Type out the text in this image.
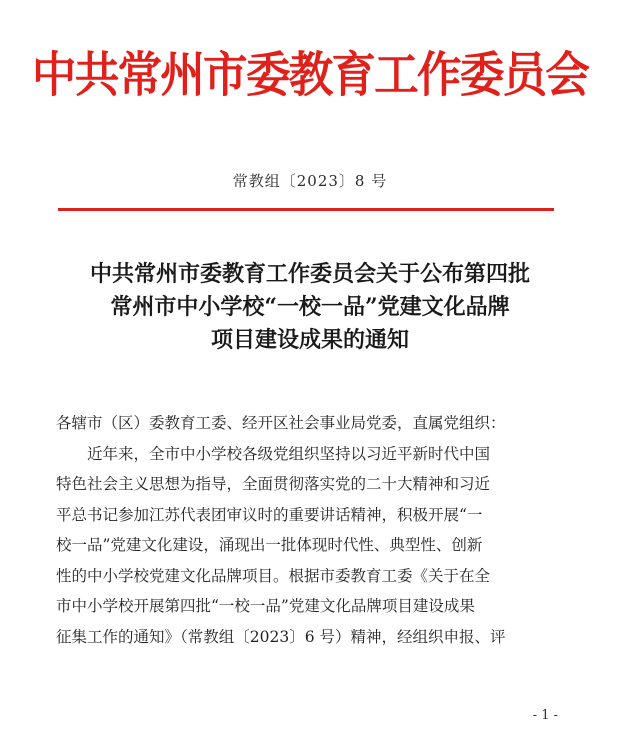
中共常州市委教育工作委员会
常教组〔2023〕8 号
中共常州市委教育工作委员会关于公布第四批
常州市中小学校“一校一品”党建文化品牌
项目建设成果的通知
各辖市（区）委教育工委、经开区社会事业局党委，直属党组织：
近年来，全市中小学校各级党组织坚持以习近平新时代中国
特色社会主义思想为指导，全面贯彻落实党的二十大精神和习近
平总书记参加江苏代表团审议时的重要讲话精神，积极开展“一
校一品”党建文化建设，涌现出一批体现时代性、典型性、创新
性的中小学校党建文化品牌项目。根据市委教育工委《关于在全
市中小学校开展第四批“一校一品”党建文化品牌项目建设成果
征集工作的通知》（常教组〔2023〕6 号）精神，经组织申报、评
- 1 -
